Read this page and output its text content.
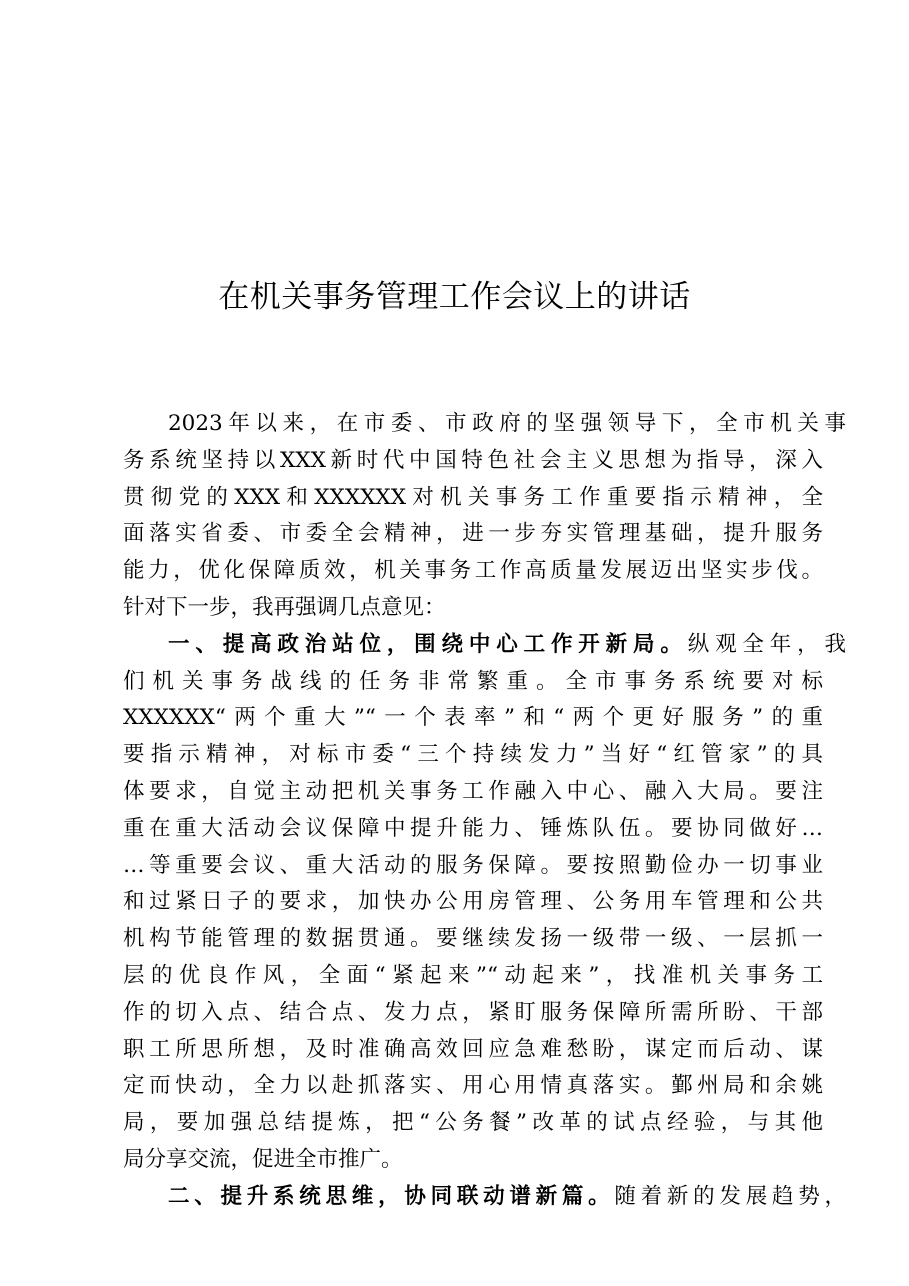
在机关事务管理工作会议上的讲话
2023年以来，在市委、市政府的坚强领导下，全市机关事
务系统坚持以XXX新时代中国特色社会主义思想为指导，深入
贯彻党的XXX和XXXXXX对机关事务工作重要指示精神，全
面落实省委、市委全会精神，进一步夯实管理基础，提升服务
能力，优化保障质效，机关事务工作高质量发展迈出坚实步伐。
针对下一步，我再强调几点意见：
一、提高政治站位，围绕中心工作开新局。纵观全年，我
们机关事务战线的任务非常繁重。全市事务系统要对标
XXXXXX“两个重大”“一个表率”和“两个更好服务”的重
要指示精神，对标市委“三个持续发力”当好“红管家”的具
体要求，自觉主动把机关事务工作融入中心、融入大局。要注
重在重大活动会议保障中提升能力、锤炼队伍。要协同做好…
…等重要会议、重大活动的服务保障。要按照勤俭办一切事业
和过紧日子的要求，加快办公用房管理、公务用车管理和公共
机构节能管理的数据贯通。要继续发扬一级带一级、一层抓一
层的优良作风，全面“紧起来”“动起来”，找准机关事务工
作的切入点、结合点、发力点，紧盯服务保障所需所盼、干部
职工所思所想，及时准确高效回应急难愁盼，谋定而后动、谋
定而快动，全力以赴抓落实、用心用情真落实。鄞州局和余姚
局，要加强总结提炼，把“公务餐”改革的试点经验，与其他
局分享交流，促进全市推广。
二、提升系统思维，协同联动谱新篇。随着新的发展趋势，
